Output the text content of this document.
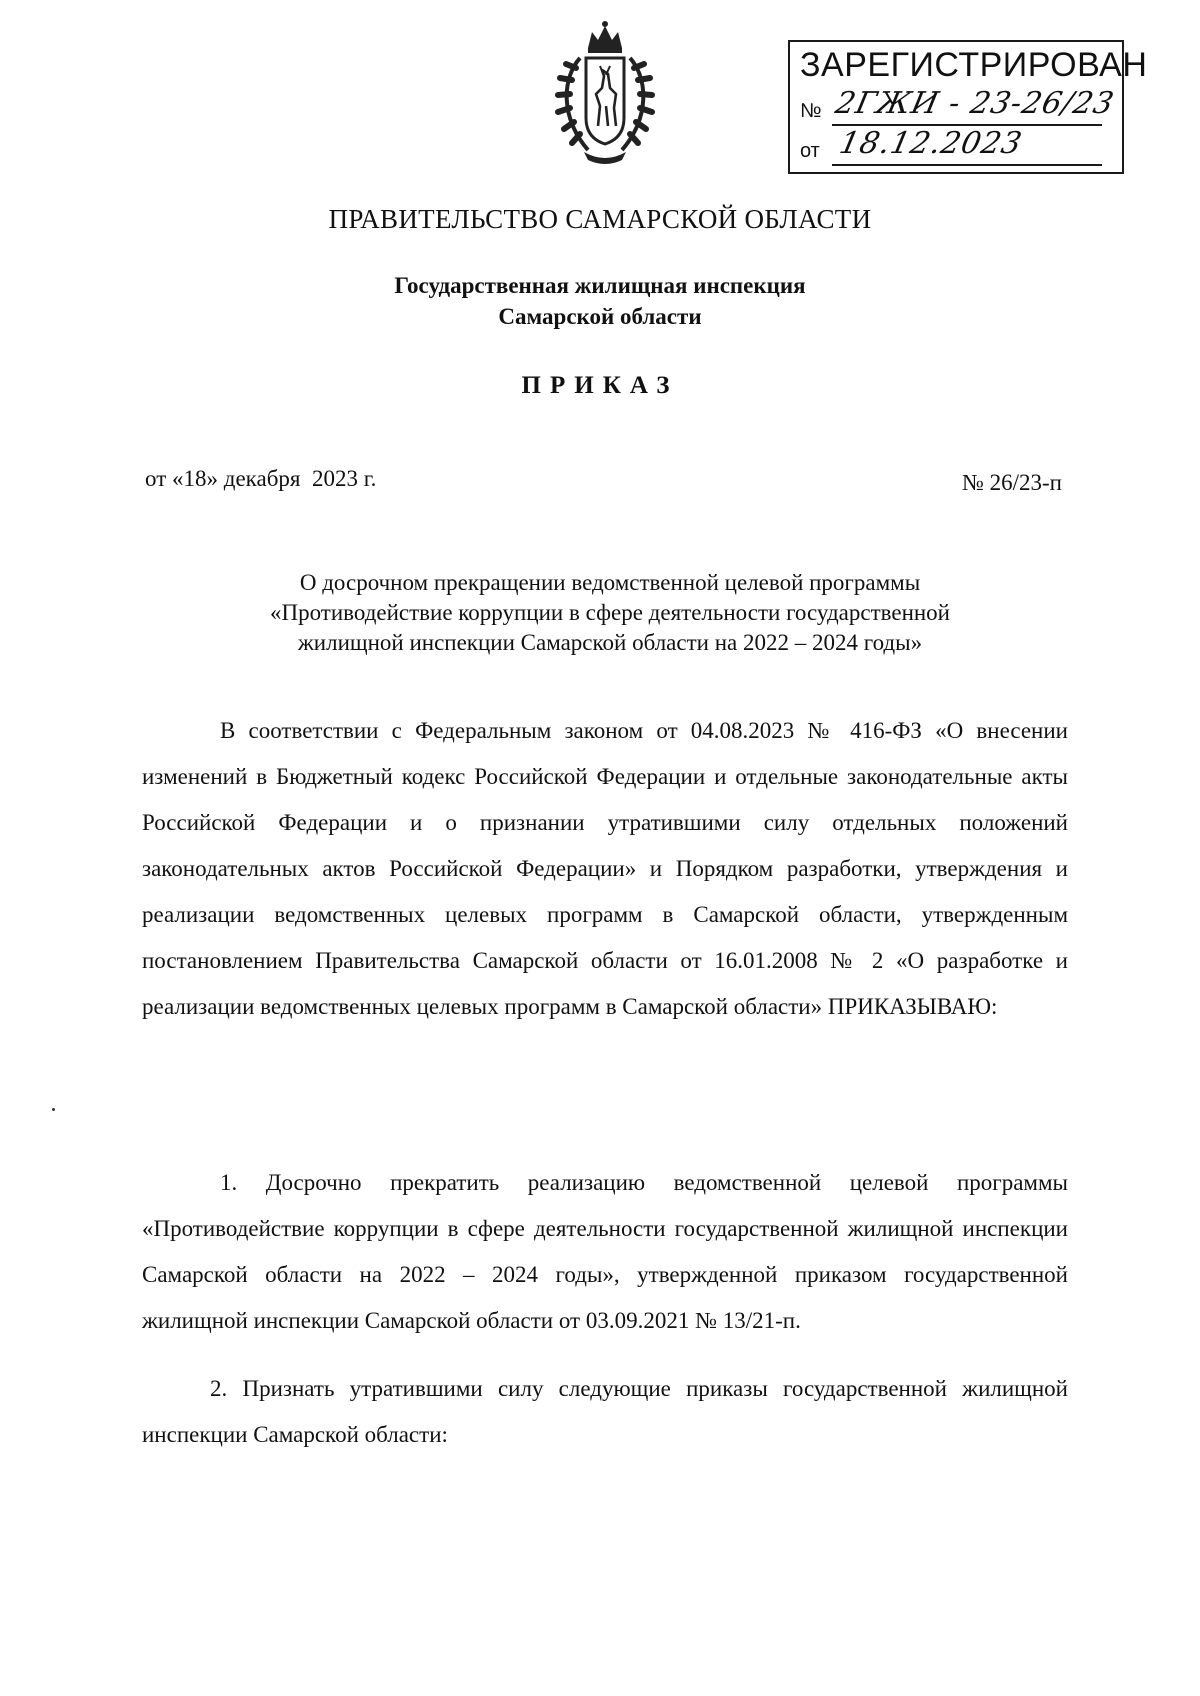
ЗАРЕГИСТРИРОВАН
№ 2ГЖИ - 23-26/23
от 18.12.2023
ПРАВИТЕЛЬСТВО САМАРСКОЙ ОБЛАСТИ
Государственная жилищная инспекция
Самарской области
ПРИКАЗ
от «18» декабря  2023 г.	№ 26/23-п
О досрочном прекращении ведомственной целевой программы
«Противодействие коррупции в сфере деятельности государственной
жилищной инспекции Самарской области на 2022 – 2024 годы»
В соответствии с Федеральным законом от 04.08.2023 № 416-ФЗ «О внесении изменений в Бюджетный кодекс Российской Федерации и отдельные законодательные акты Российской Федерации и о признании утратившими силу отдельных положений законодательных актов Российской Федерации» и Порядком разработки, утверждения и реализации ведомственных целевых программ в Самарской области, утвержденным постановлением Правительства Самарской области от 16.01.2008 № 2 «О разработке и реализации ведомственных целевых программ в Самарской области» ПРИКАЗЫВАЮ:
1. Досрочно прекратить реализацию ведомственной целевой программы «Противодействие коррупции в сфере деятельности государственной жилищной инспекции Самарской области на 2022 – 2024 годы», утвержденной приказом государственной жилищной инспекции Самарской области от 03.09.2021 № 13/21-п.
2. Признать утратившими силу следующие приказы государственной жилищной инспекции Самарской области:
